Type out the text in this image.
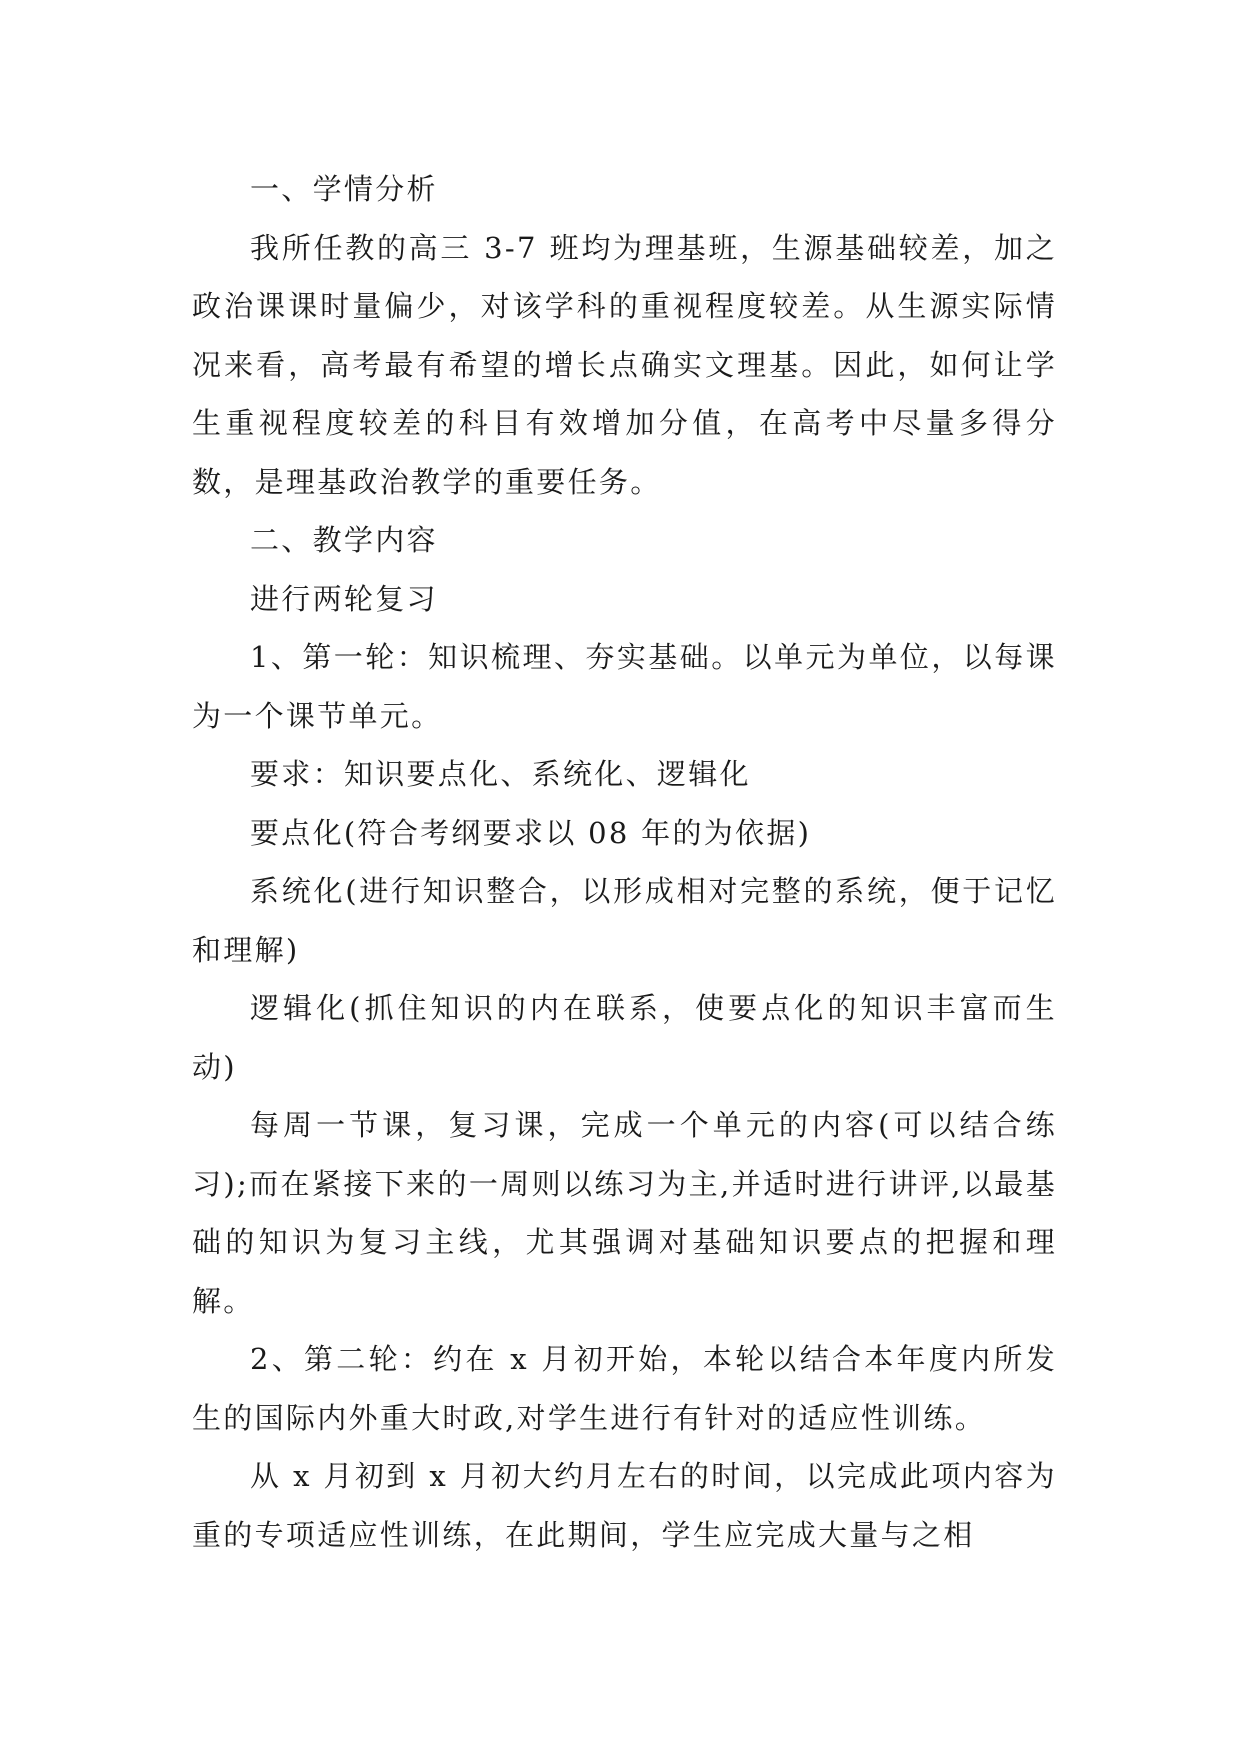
一、学情分析

我所任教的高三 3-7 班均为理基班，生源基础较差，加之政治课课时量偏少，对该学科的重视程度较差。从生源实际情况来看，高考最有希望的增长点确实文理基。因此，如何让学生重视程度较差的科目有效增加分值，在高考中尽量多得分数，是理基政治教学的重要任务。

二、教学内容

进行两轮复习

1、第一轮：知识梳理、夯实基础。以单元为单位，以每课为一个课节单元。

要求：知识要点化、系统化、逻辑化

要点化(符合考纲要求以 08 年的为依据)

系统化(进行知识整合，以形成相对完整的系统，便于记忆和理解)

逻辑化(抓住知识的内在联系，使要点化的知识丰富而生动)

每周一节课，复习课，完成一个单元的内容(可以结合练习);而在紧接下来的一周则以练习为主,并适时进行讲评,以最基础的知识为复习主线，尤其强调对基础知识要点的把握和理解。

2、第二轮：约在 x 月初开始，本轮以结合本年度内所发生的国际内外重大时政,对学生进行有针对的适应性训练。

从 x 月初到 x 月初大约月左右的时间，以完成此项内容为重的专项适应性训练，在此期间，学生应完成大量与之相
